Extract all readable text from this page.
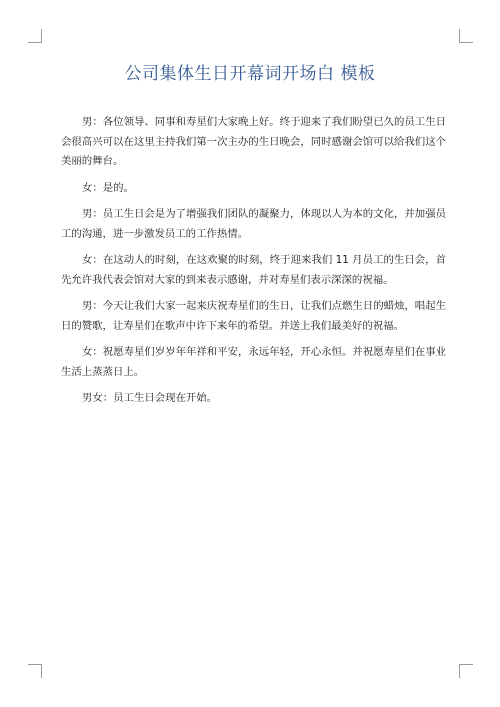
公司集体生日开幕词开场白 模板

男：各位领导、同事和寿星们大家晚上好。终于迎来了我们盼望已久的员工生日会很高兴可以在这里主持我们第一次主办的生日晚会，同时感谢会馆可以给我们这个美丽的舞台。

女：是的。

男：员工生日会是为了增强我们团队的凝聚力，体现以人为本的文化，并加强员工的沟通，进一步激发员工的工作热情。

女：在这动人的时刻，在这欢聚的时刻，终于迎来我们 11 月员工的生日会，首先允许我代表会馆对大家的到来表示感谢，并对寿星们表示深深的祝福。

男：今天让我们大家一起来庆祝寿星们的生日，让我们点燃生日的蜡烛，唱起生日的赞歌，让寿星们在歌声中许下来年的希望。并送上我们最美好的祝福。

女：祝愿寿星们岁岁年年祥和平安，永远年轻，开心永恒。并祝愿寿星们在事业生活上蒸蒸日上。

男女：员工生日会现在开始。
